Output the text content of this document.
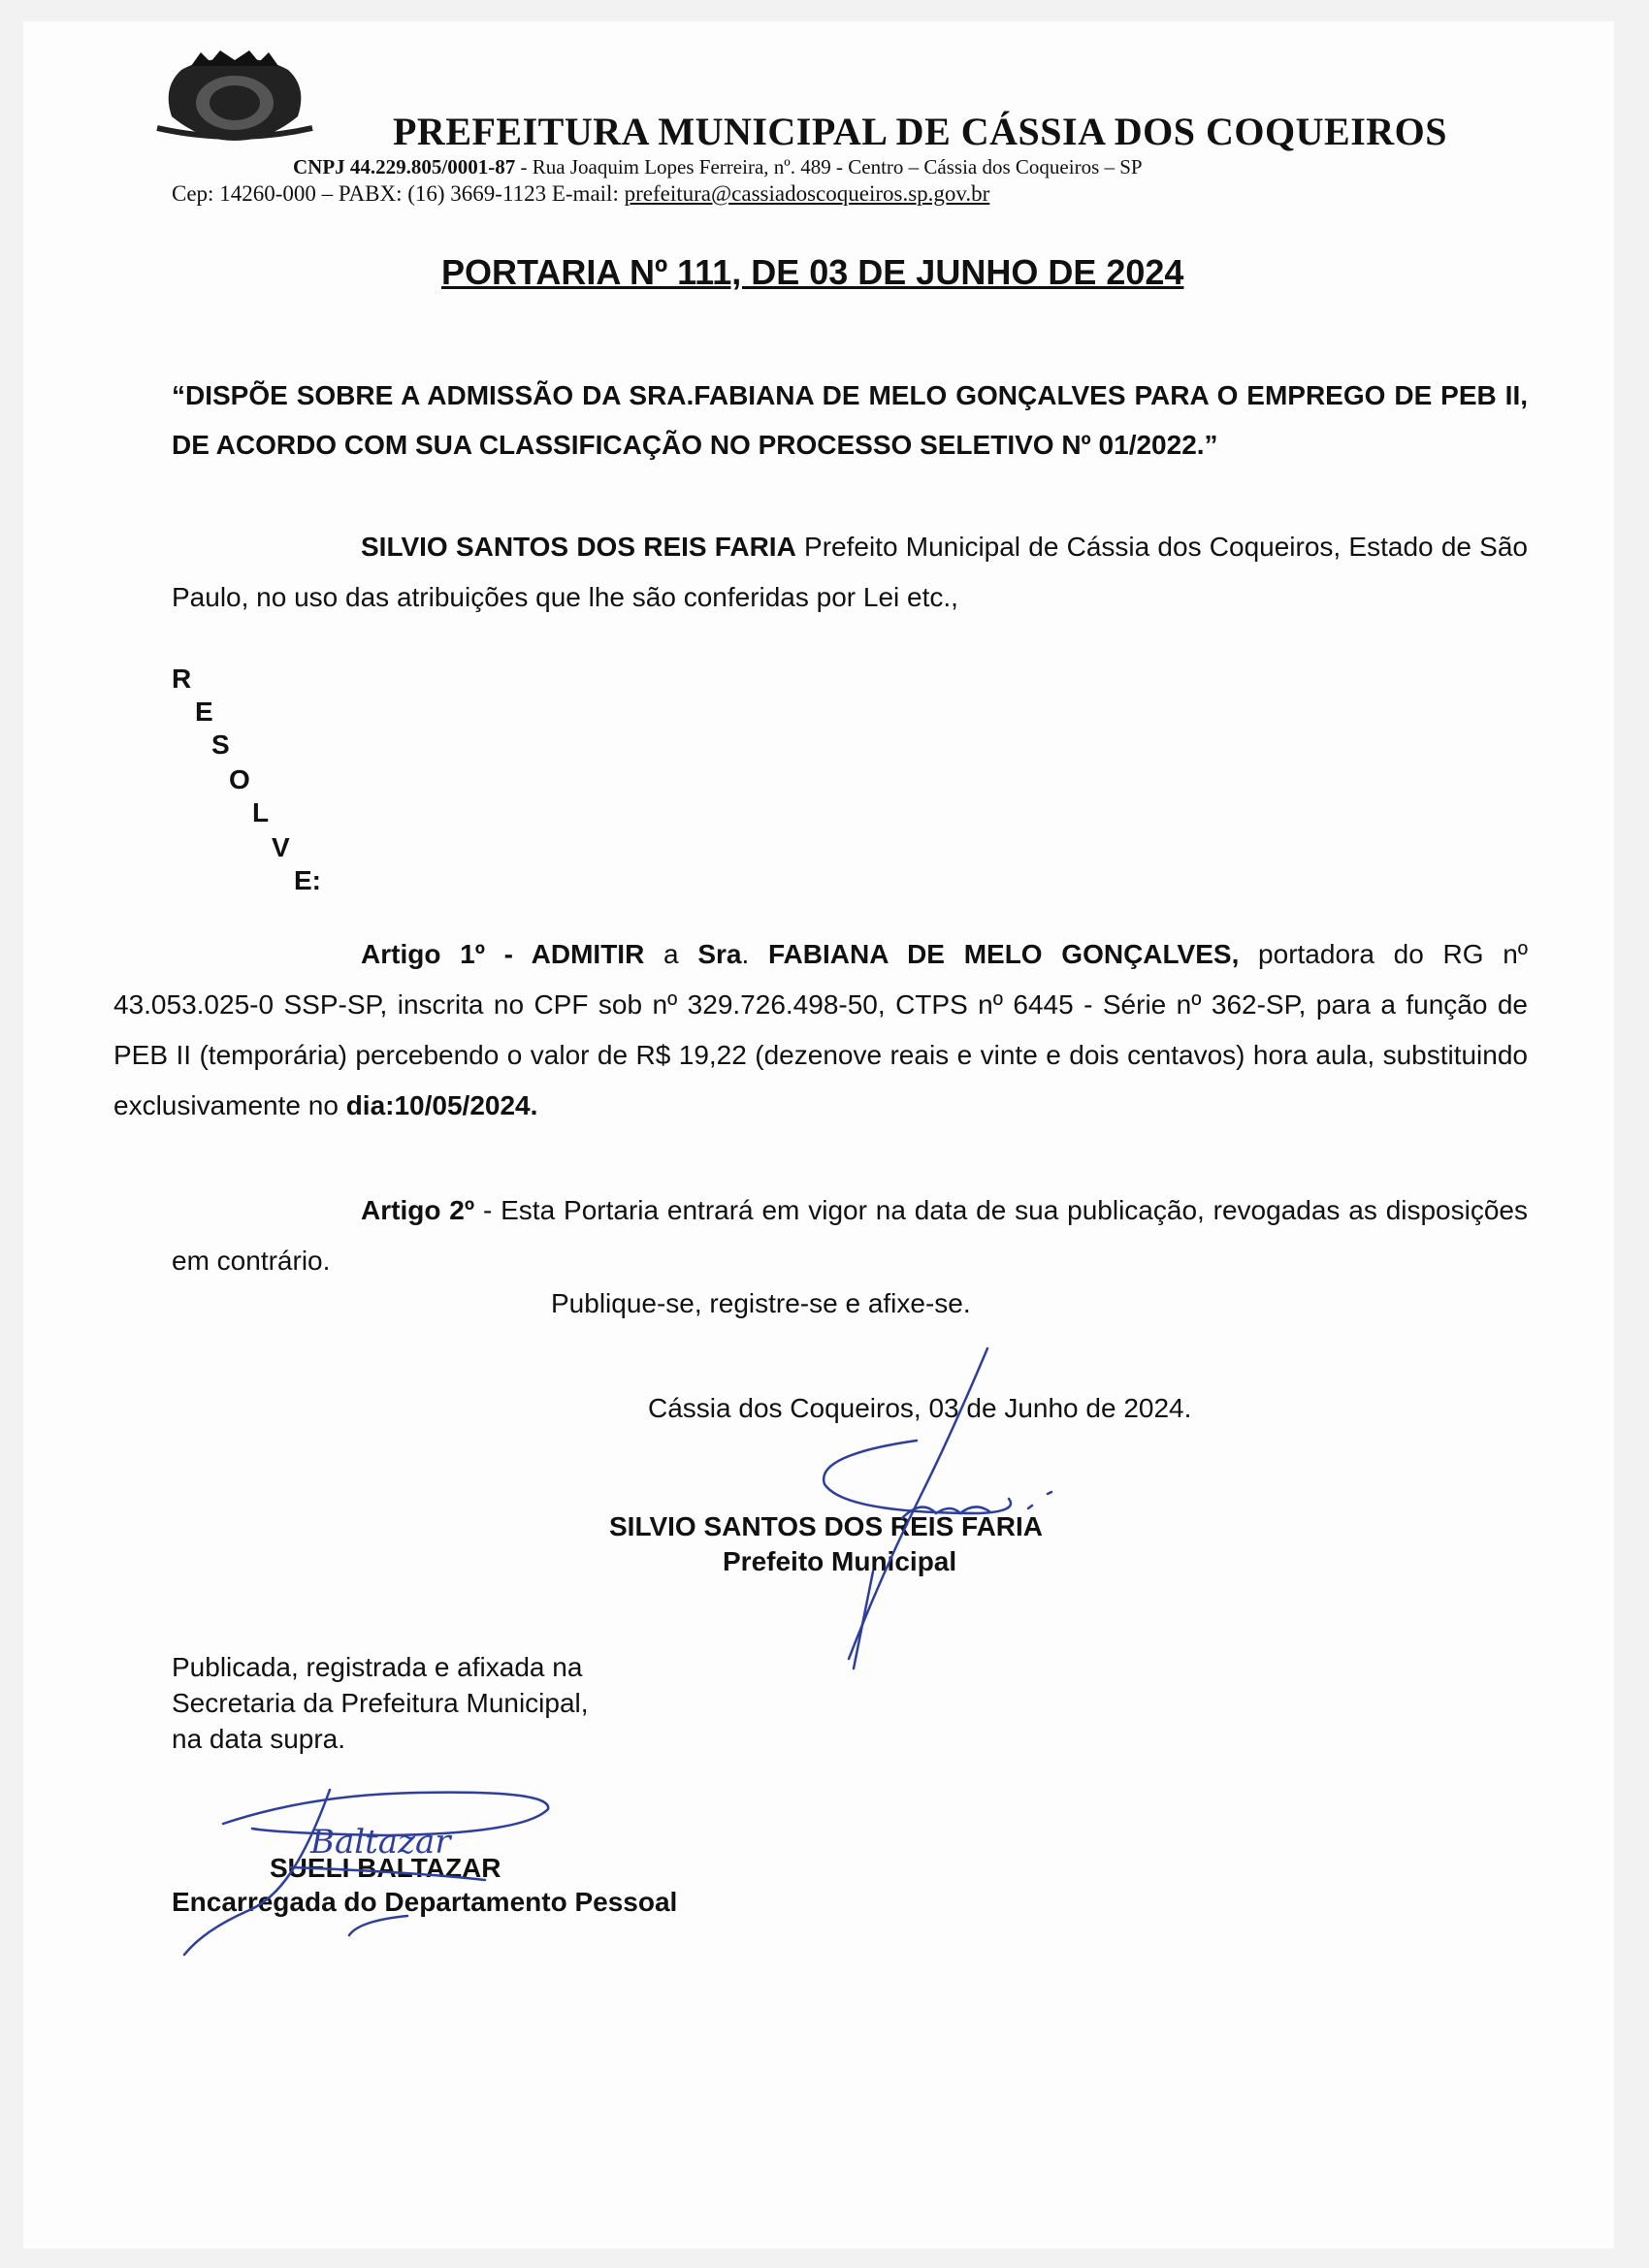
PREFEITURA MUNICIPAL DE CÁSSIA DOS COQUEIROS
CNPJ 44.229.805/0001-87 - Rua Joaquim Lopes Ferreira, nº. 489 - Centro – Cássia dos Coqueiros – SP
Cep: 14260-000 – PABX: (16) 3669-1123 E-mail: prefeitura@cassiadoscoqueiros.sp.gov.br
PORTARIA Nº 111, DE 03 DE JUNHO DE 2024
“DISPÕE SOBRE A ADMISSÃO DA SRA.FABIANA DE MELO GONÇALVES PARA O EMPREGO DE PEB II, DE ACORDO COM SUA CLASSIFICAÇÃO NO PROCESSO SELETIVO Nº 01/2022.”
SILVIO SANTOS DOS REIS FARIA Prefeito Municipal de Cássia dos Coqueiros, Estado de São Paulo, no uso das atribuições que lhe são conferidas por Lei etc.,
R
E
S
O
L
V
E:
Artigo 1º - ADMITIR a Sra. FABIANA DE MELO GONÇALVES, portadora do RG nº 43.053.025-0 SSP-SP, inscrita no CPF sob nº 329.726.498-50, CTPS nº 6445 - Série nº 362-SP, para a função de PEB II (temporária) percebendo o valor de R$ 19,22 (dezenove reais e vinte e dois centavos) hora aula, substituindo exclusivamente no dia:10/05/2024.
Artigo 2º - Esta Portaria entrará em vigor na data de sua publicação, revogadas as disposições em contrário.
Publique-se, registre-se e afixe-se.
Cássia dos Coqueiros, 03 de Junho de 2024.
SILVIO SANTOS DOS REIS FARIA
Prefeito Municipal
Publicada, registrada e afixada na
Secretaria da Prefeitura Municipal,
na data supra.
SUELI BALTAZAR
Encarregada do Departamento Pessoal
Baltazar
